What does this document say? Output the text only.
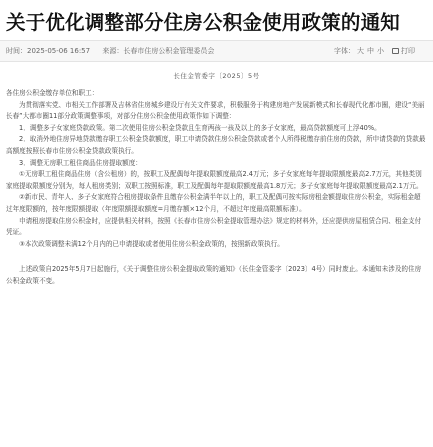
关于优化调整部分住房公积金使用政策的通知
时间：2025-05-06 16:57 来源：长春市住房公积金管理委员会	字体： 大 中 小 打印
长住金管委字〔2025〕5号

各住房公积金缴存单位和职工：

为贯彻落实党、市相关工作部署及吉林省住房城乡建设厅有关文件要求，积极服务于构建房地产发展新模式和长春现代化都市圈，建设“美丽长春”大都市圈11部分政策调整事项，对部分住房公积金使用政策作如下调整：

1．调整多子女家庭贷款政策。第二次使用住房公积金贷款且生育两孩一孩及以上的多子女家庭，最高贷款额度可上浮40%。

2．取消外地住房异地贷款缴存职工公积金贷款额度，职工申请贷款住房公积金贷款或者个人所得税缴存前住房的贷款，所申请贷款的贷款最高额度按照长春市住房公积金贷款政策执行。

3．调整无房职工租住商品住房提取额度：

①无房职工租住商品住房（含公租房）的，按职工及配偶每年提取限额度最高2.4万元；多子女家庭每年提取限额度最高2.7万元，其他类别家庭提取限额度分别为，每人租房类别；双职工按照标准，职工及配偶每年提取限额度最高1.8万元；多子女家庭每年提取限额度最高2.1万元。

②新市民、青年人、多子女家庭符合租房提取条件且缴存公积金满半年以上的，职工及配偶可按实际房租金额提取住房公积金，实际租金超过年度限额的，按年度限额提取（年度限额提取额度=月缴存额×12个月，不超过年度最高限额标准）。

申请租房提取住房公积金时，应提供相关材料，按照《长春市住房公积金提取管理办法》规定的材料外，还应提供房屋租赁合同、租金支付凭证。

③本次政策调整未满12个月内的已申请提取或者使用住房公积金政策的，按照新政策执行。

上述政策自2025年5月7日起施行，《关于调整住房公积金提取政策的通知》（长住金管委字〔2023〕4号）同时废止。本通知未涉及的住房公积金政策不变。
